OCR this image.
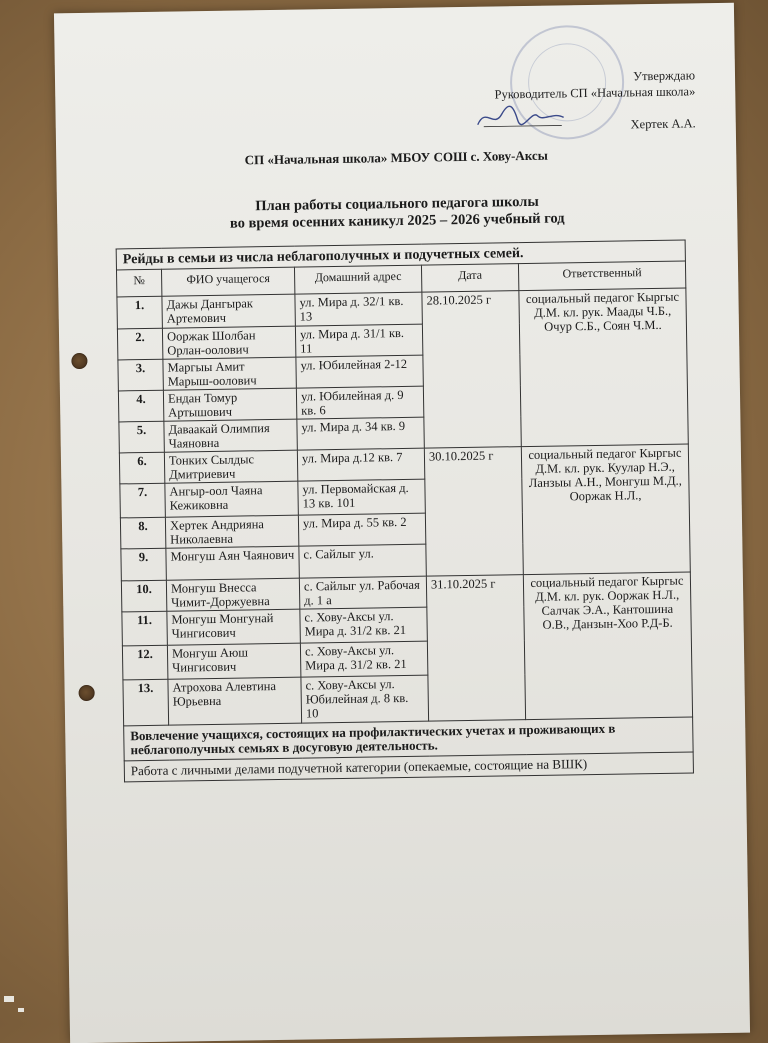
Утверждаю
Руководитель СП «Начальная школа»
Хертек А.А.
СП «Начальная школа» МБОУ СОШ с. Хову-Аксы
План работы социального педагога школы
во время осенних каникул 2025 – 2026 учебный год
Рейды в семьи из числа неблагополучных и подучетных семей.				
№	ФИО учащегося	Домашний адрес	Дата	Ответственный
1.	Дажы Дангырак Артемович	ул. Мира д. 32/1 кв. 13	28.10.2025 г	социальный педагог Кыргыс Д.М. кл. рук. Маады Ч.Б., Очур С.Б., Соян Ч.М..
2.	Ооржак Шолбан Орлан-оолович	ул. Мира д. 31/1 кв. 11		
3.	Маргыы Амит Марыш-оолович	ул. Юбилейная 2-12		
4.	Ендан Томур Артышович	ул. Юбилейная д. 9 кв. 6		
5.	Даваакай Олимпия Чаяновна	ул. Мира д. 34 кв. 9		
6.	Тонких Сылдыс Дмитриевич	ул. Мира д.12 кв. 7	30.10.2025 г	социальный педагог Кыргыс Д.М. кл. рук. Куулар Н.Э., Ланзыы А.Н., Монгуш М.Д., Ооржак Н.Л.,
7.	Ангыр-оол Чаяна Кежиковна	ул. Первомайская д. 13 кв. 101		
8.	Хертек Андрияна Николаевна	ул. Мира д. 55 кв. 2		
9.	Монгуш Аян Чаянович	с. Сайлыг ул.		
10.	Монгуш Внесса Чимит-Доржуевна	с. Сайлыг ул. Рабочая д. 1 а	31.10.2025 г	социальный педагог Кыргыс Д.М. кл. рук. Ооржак Н.Л., Салчак Э.А., Кантошина О.В., Данзын-Хоо Р.Д-Б.
11.	Монгуш Монгунай Чингисович	с. Хову-Аксы ул. Мира д. 31/2 кв. 21		
12.	Монгуш Аюш Чингисович	с. Хову-Аксы ул. Мира д. 31/2 кв. 21		
13.	Атрохова Алевтина Юрьевна	с. Хову-Аксы ул. Юбилейная д. 8 кв. 10		
Вовлечение учащихся, состоящих на профилактических учетах и проживающих в неблагополучных семьях в досуговую деятельность.				
Работа с личными делами подучетной категории (опекаемые, состоящие на ВШК)				
